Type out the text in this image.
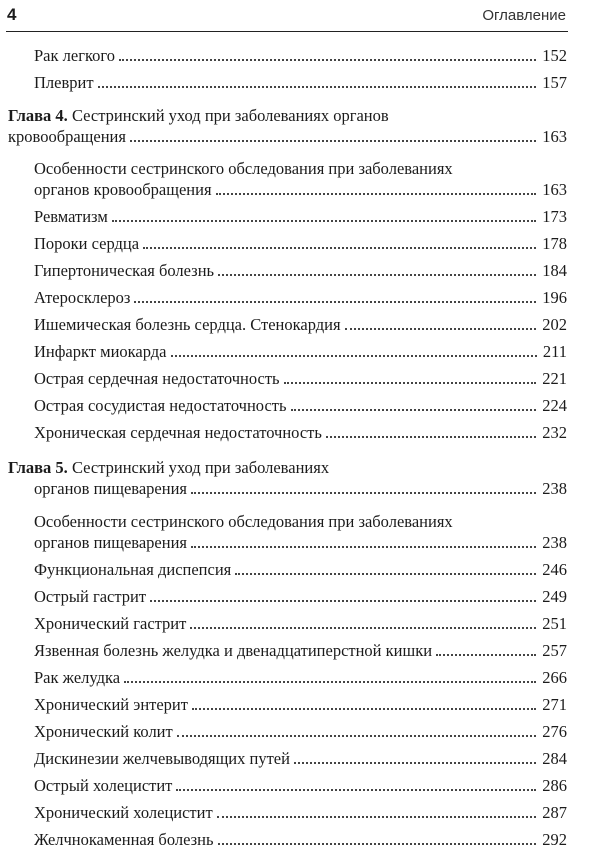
4	Оглавление
Рак легкого	152
Плеврит	157
Глава 4. Сестринский уход при заболеваниях органов
кровообращения	163
Особенности сестринского обследования при заболеваниях
органов кровообращения	163
Ревматизм	173
Пороки сердца	178
Гипертоническая болезнь	184
Атеросклероз	196
Ишемическая болезнь сердца. Стенокардия	202
Инфаркт миокарда	211
Острая сердечная недостаточность	221
Острая сосудистая недостаточность	224
Хроническая сердечная недостаточность	232
Глава 5. Сестринский уход при заболеваниях
органов пищеварения	238
Особенности сестринского обследования при заболеваниях
органов пищеварения	238
Функциональная диспепсия	246
Острый гастрит	249
Хронический гастрит	251
Язвенная болезнь желудка и двенадцатиперстной кишки	257
Рак желудка	266
Хронический энтерит	271
Хронический колит	276
Дискинезии желчевыводящих путей	284
Острый холецистит	286
Хронический холецистит	287
Желчнокаменная болезнь	292
